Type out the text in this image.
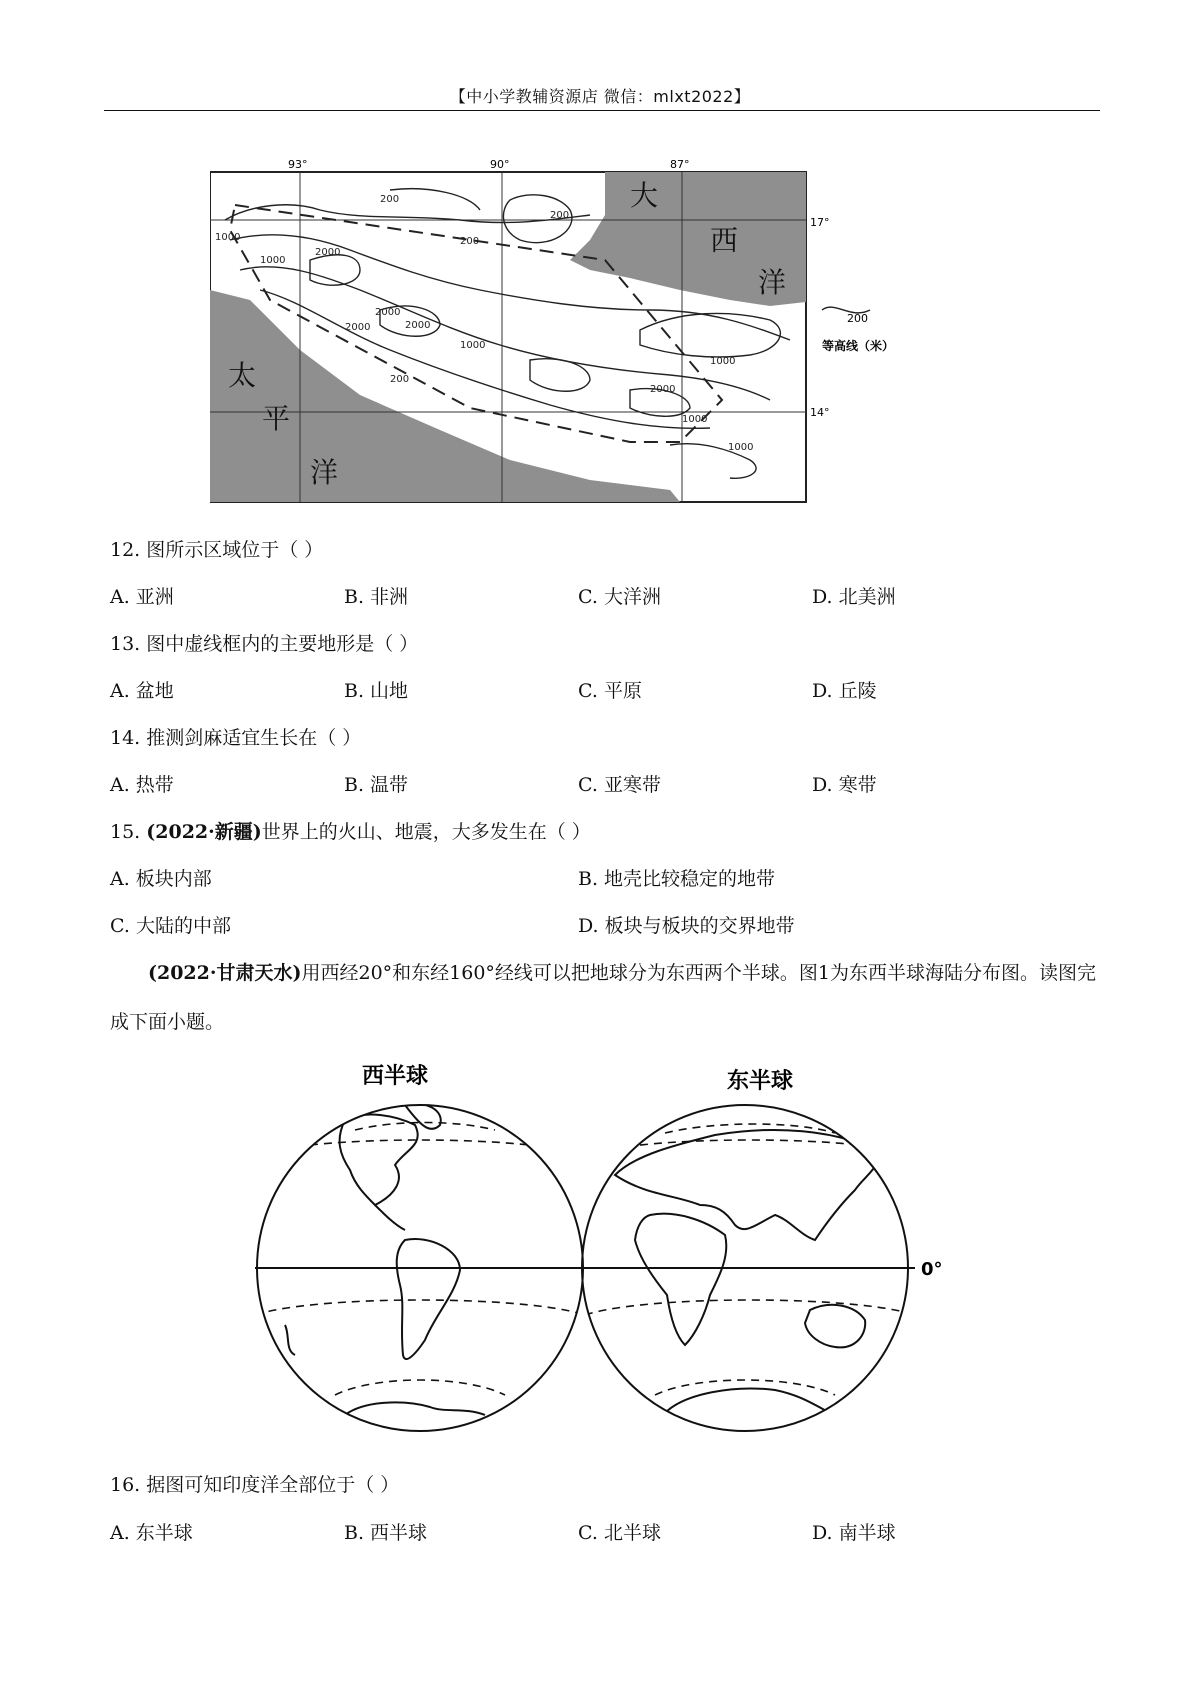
【中小学教辅资源店 微信：mlxt2022】
93°	90°	87°
17°
14°
大
西
洋
太
平
洋
200
200
200
1000
1000
2000
2000
2000
2000
1000
1000
2000
1000
200
1000
200
等高线（米）
12. 图所示区域位于（ ）
A. 亚洲	B. 非洲	C. 大洋洲	D. 北美洲
13. 图中虚线框内的主要地形是（ ）
A. 盆地	B. 山地	C. 平原	D. 丘陵
14. 推测剑麻适宜生长在（ ）
A. 热带	B. 温带	C. 亚寒带	D. 寒带
15. (2022·新疆)世界上的火山、地震，大多发生在（ ）
A. 板块内部	B. 地壳比较稳定的地带
C. 大陆的中部	D. 板块与板块的交界地带
(2022·甘肃天水)用西经20°和东经160°经线可以把地球分为东西两个半球。图1为东西半球海陆分布图。读图完成下面小题。
西半球	东半球
0°
16. 据图可知印度洋全部位于（ ）
A. 东半球	B. 西半球	C. 北半球	D. 南半球
